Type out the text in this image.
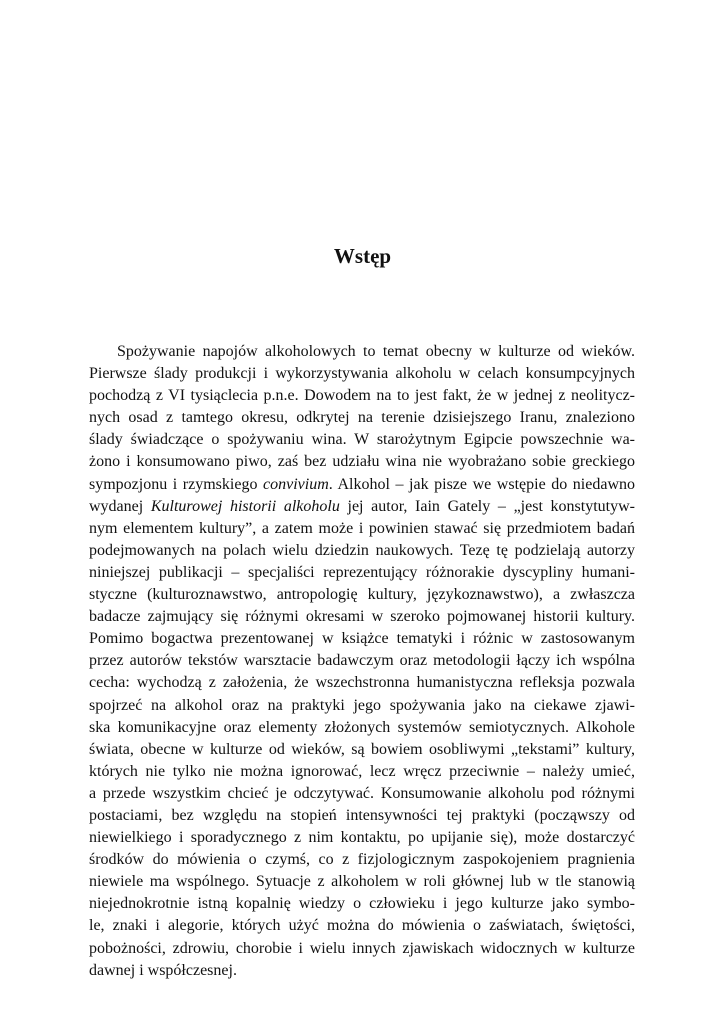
Wstęp
Spożywanie napojów alkoholowych to temat obecny w kulturze od wieków.
Pierwsze ślady produkcji i wykorzystywania alkoholu w celach konsumpcyjnych
pochodzą z VI tysiąclecia p.n.e. Dowodem na to jest fakt, że w jednej z neolitycz-
nych osad z tamtego okresu, odkrytej na terenie dzisiejszego Iranu, znaleziono
ślady świadczące o spożywaniu wina. W starożytnym Egipcie powszechnie wa-
żono i konsumowano piwo, zaś bez udziału wina nie wyobrażano sobie greckiego
sympozjonu i rzymskiego convivium. Alkohol – jak pisze we wstępie do niedawno
wydanej Kulturowej historii alkoholu jej autor, Iain Gately – „jest konstytutyw-
nym elementem kultury”, a zatem może i powinien stawać się przedmiotem badań
podejmowanych na polach wielu dziedzin naukowych. Tezę tę podzielają autorzy
niniejszej publikacji – specjaliści reprezentujący różnorakie dyscypliny humani-
styczne (kulturoznawstwo, antropologię kultury, językoznawstwo), a zwłaszcza
badacze zajmujący się różnymi okresami w szeroko pojmowanej historii kultury.
Pomimo bogactwa prezentowanej w książce tematyki i różnic w zastosowanym
przez autorów tekstów warsztacie badawczym oraz metodologii łączy ich wspólna
cecha: wychodzą z założenia, że wszechstronna humanistyczna refleksja pozwala
spojrzeć na alkohol oraz na praktyki jego spożywania jako na ciekawe zjawi-
ska komunikacyjne oraz elementy złożonych systemów semiotycznych. Alkohole
świata, obecne w kulturze od wieków, są bowiem osobliwymi „tekstami” kultury,
których nie tylko nie można ignorować, lecz wręcz przeciwnie – należy umieć,
a przede wszystkim chcieć je odczytywać. Konsumowanie alkoholu pod różnymi
postaciami, bez względu na stopień intensywności tej praktyki (począwszy od
niewielkiego i sporadycznego z nim kontaktu, po upijanie się), może dostarczyć
środków do mówienia o czymś, co z fizjologicznym zaspokojeniem pragnienia
niewiele ma wspólnego. Sytuacje z alkoholem w roli głównej lub w tle stanowią
niejednokrotnie istną kopalnię wiedzy o człowieku i jego kulturze jako symbo-
le, znaki i alegorie, których użyć można do mówienia o zaświatach, świętości,
pobożności, zdrowiu, chorobie i wielu innych zjawiskach widocznych w kulturze
dawnej i współczesnej.
